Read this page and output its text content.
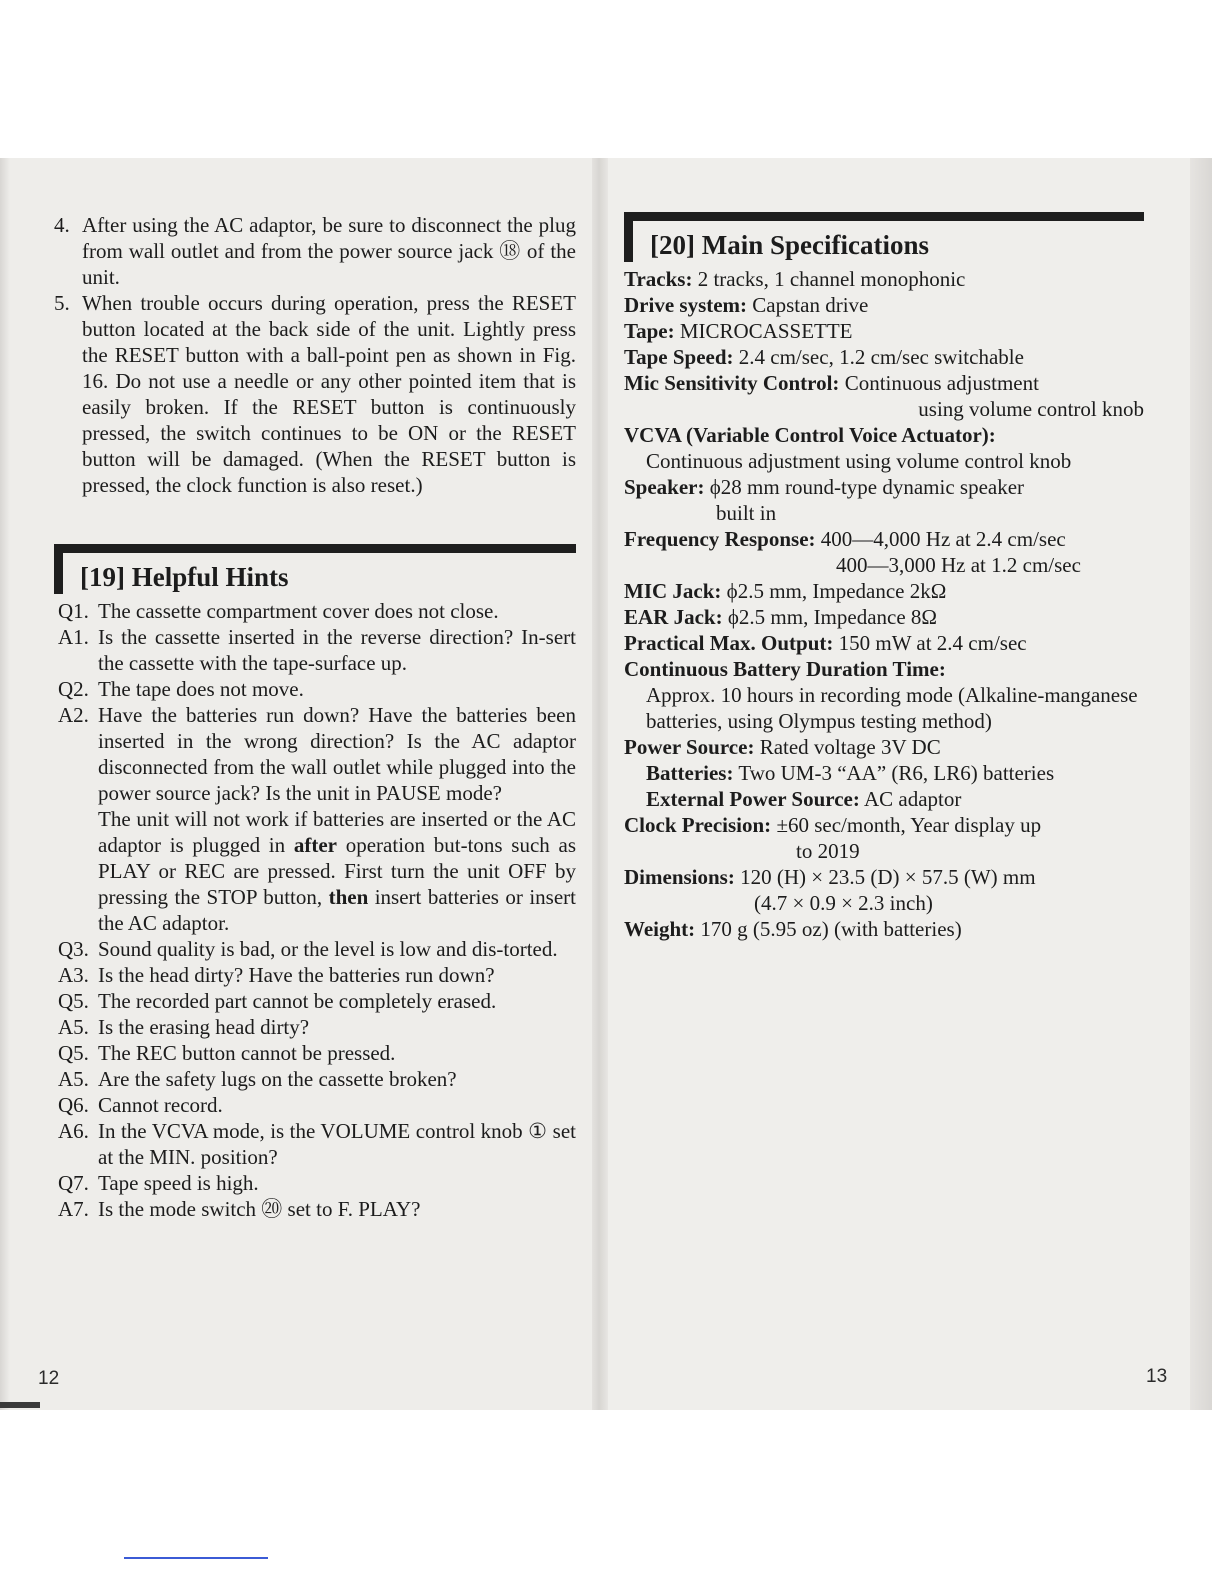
4. After using the AC adaptor, be sure to disconnect the plug from wall outlet and from the power source jack ⑱ of the unit.

5. When trouble occurs during operation, press the RESET button located at the back side of the unit. Lightly press the RESET button with a ball-point pen as shown in Fig. 16. Do not use a needle or any other pointed item that is easily broken. If the RESET button is continuously pressed, the switch continues to be ON or the RESET button will be damaged. (When the RESET button is pressed, the clock function is also reset.)

[19] Helpful Hints
Q1. The cassette compartment cover does not close.

A1. Is the cassette inserted in the reverse direction? In-sert the cassette with the tape-surface up.

Q2. The tape does not move.

A2. Have the batteries run down? Have the batteries been inserted in the wrong direction? Is the AC adaptor disconnected from the wall outlet while plugged into the power source jack? Is the unit in PAUSE mode?

The unit will not work if batteries are inserted or the AC adaptor is plugged in after operation but-tons such as PLAY or REC are pressed. First turn the unit OFF by pressing the STOP button, then insert batteries or insert the AC adaptor.

Q3. Sound quality is bad, or the level is low and dis-torted.

A3. Is the head dirty? Have the batteries run down?

Q5. The recorded part cannot be completely erased.

A5. Is the erasing head dirty?

Q5. The REC button cannot be pressed.

A5. Are the safety lugs on the cassette broken?

Q6. Cannot record.

A6. In the VCVA mode, is the VOLUME control knob ① set at the MIN. position?

Q7. Tape speed is high.

A7. Is the mode switch ⑳ set to F. PLAY?

[20] Main Specifications

Tracks: 2 tracks, 1 channel monophonic

Drive system: Capstan drive

Tape: MICROCASSETTE

Tape Speed: 2.4 cm/sec, 1.2 cm/sec switchable

Mic Sensitivity Control: Continuous adjustment

using volume control knob

VCVA (Variable Control Voice Actuator):

Continuous adjustment using volume control knob

Speaker: ϕ28 mm round-type dynamic speaker

built in

Frequency Response: 400—4,000 Hz at 2.4 cm/sec

400—3,000 Hz at 1.2 cm/sec

MIC Jack: ϕ2.5 mm, Impedance 2kΩ

EAR Jack: ϕ2.5 mm, Impedance 8Ω

Practical Max. Output: 150 mW at 2.4 cm/sec

Continuous Battery Duration Time:

Approx. 10 hours in recording mode (Alkaline-manganese batteries, using Olympus testing method)

Power Source: Rated voltage 3V DC

Batteries: Two UM-3 “AA” (R6, LR6) batteries

External Power Source: AC adaptor

Clock Precision: ±60 sec/month, Year display up

to 2019

Dimensions: 120 (H) × 23.5 (D) × 57.5 (W) mm

(4.7 × 0.9 × 2.3 inch)

Weight: 170 g (5.95 oz) (with batteries)

12	13
